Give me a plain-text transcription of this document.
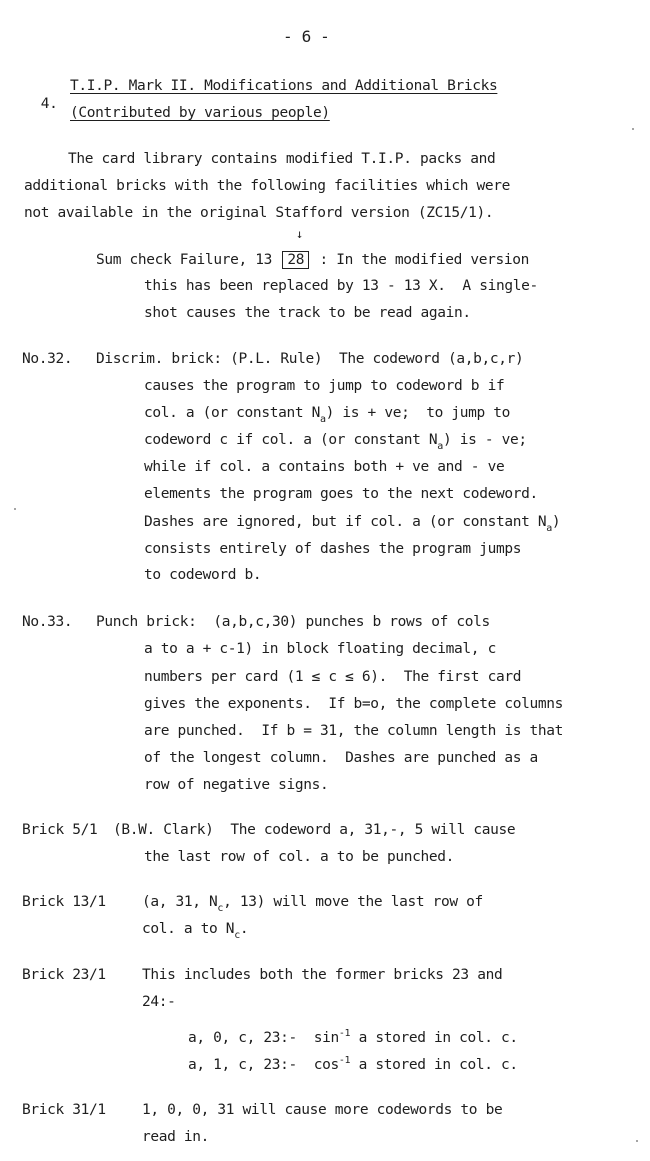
- 6 -

4.

T.I.P. Mark II. Modifications and Additional Bricks
(Contributed by various people)
The card library contains modified T.I.P. packs and
additional bricks with the following facilities which were
not available in the original Stafford version (ZC15/1).
↓
Sum check Failure, 13 28 : In the modified version
this has been replaced by 13 - 13 X.  A single-
shot causes the track to be read again.
No.32. Discrim. brick: (P.L. Rule)  The codeword (a,b,c,r)
causes the program to jump to codeword b if
col. a (or constant $N_a$) is + ve;  to jump to
codeword c if col. a (or constant $N_a$) is - ve;
while if col. a contains both + ve and - ve
elements the program goes to the next codeword.
Dashes are ignored, but if col. a (or constant $N_a$)
consists entirely of dashes the program jumps
to codeword b.
No.33. Punch brick:  (a,b,c,30) punches b rows of cols
a to a + c-1) in block floating decimal, c
numbers per card (1 ≤ c ≤ 6).  The first card
gives the exponents.  If b=o, the complete columns
are punched.  If b = 31, the column length is that
of the longest column.  Dashes are punched as a
row of negative signs.
Brick 5/1 (B.W. Clark)  The codeword a, 31,-, 5 will cause
the last row of col. a to be punched.
Brick 13/1 (a, 31, $N_c$, 13) will move the last row of
col. a to $N_c$.
Brick 23/1 This includes both the former bricks 23 and
24:-
a, 0, c, 23:-  $\sin^{-1} a$ stored in col. c.
a, 1, c, 23:-  $\cos^{-1} a$ stored in col. c.
Brick 31/1 1, 0, 0, 31 will cause more codewords to be
read in.
